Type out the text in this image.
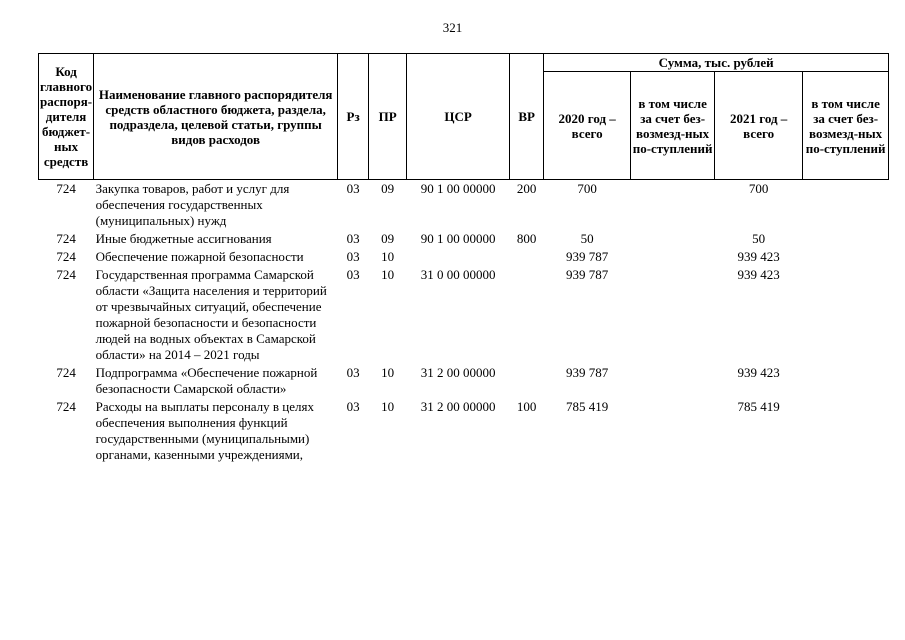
321
Код главного распоря-дителя бюджет-ных средств	Наименование главного распорядителя средств областного бюджета, раздела, подраздела, целевой статьи, группы видов расходов	Рз	ПР	ЦСР	ВР	Сумма, тыс. рублей			
						2020 год – всего	в том числе за счет без-возмезд-ных по-ступлений	2021 год – всего	в том числе за счет без-возмезд-ных по-ступлений
724	Закупка товаров, работ и услуг для обеспечения государственных (муниципальных) нужд	03	09	90 1 00 00000	200	700		700	
724	Иные бюджетные ассигнования	03	09	90 1 00 00000	800	50		50	
724	Обеспечение пожарной безопасности	03	10			939 787		939 423	
724	Государственная программа Самарской области «Защита населения и территорий от чрезвычайных ситуаций, обеспечение пожарной безопасности и безопасности людей на водных объектах в Самарской области» на 2014 – 2021 годы	03	10	31 0 00 00000		939 787		939 423	
724	Подпрограмма «Обеспечение пожарной безопасности Самарской области»	03	10	31 2 00 00000		939 787		939 423	
724	Расходы на выплаты персоналу в целях обеспечения выполнения функций государственными (муниципальными) органами, казенными учреждениями,	03	10	31 2 00 00000	100	785 419		785 419	
